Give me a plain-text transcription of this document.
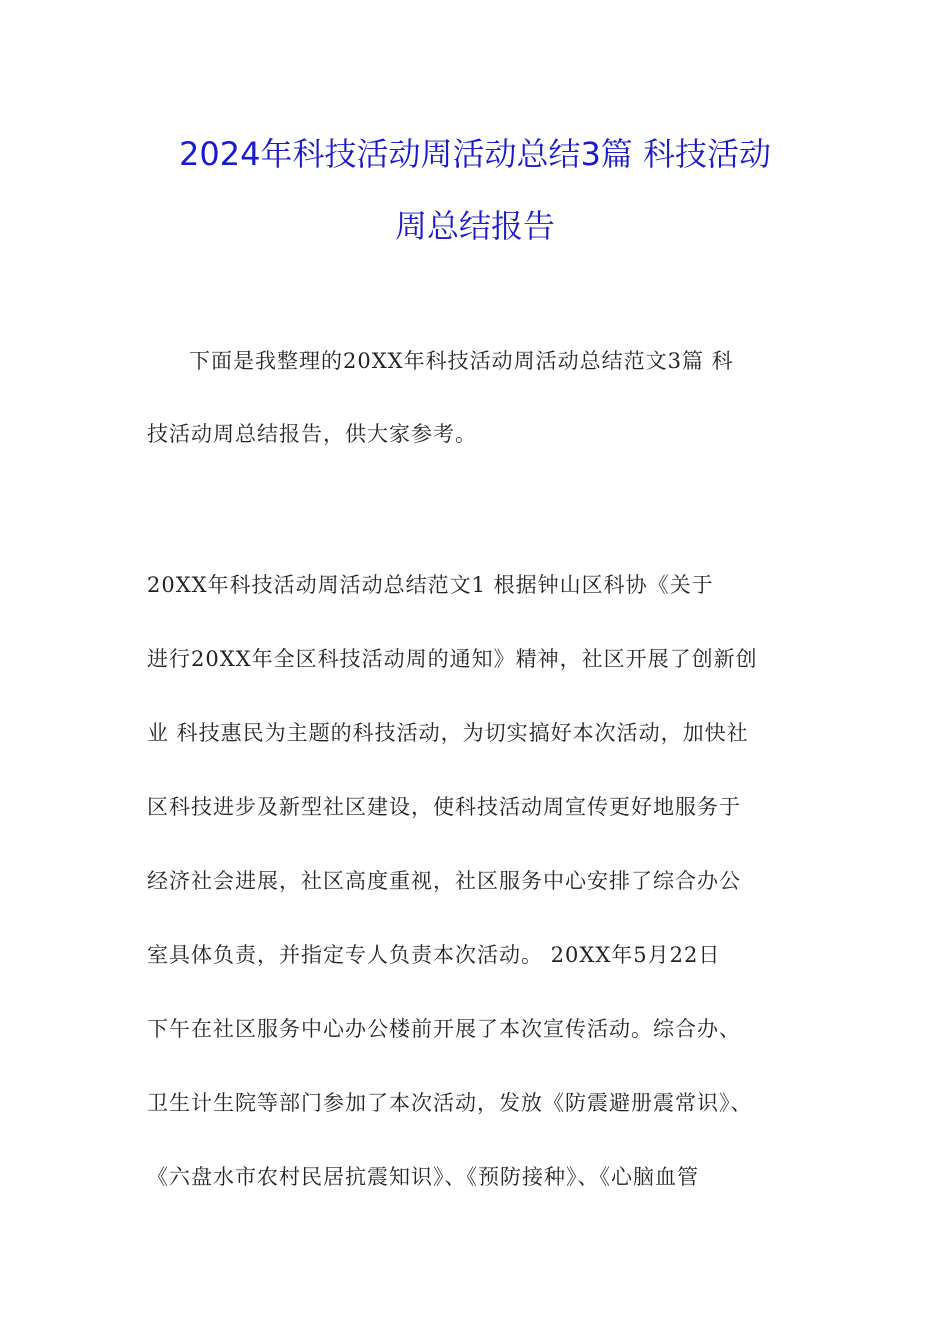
2024年科技活动周活动总结3篇 科技活动
周总结报告
下面是我整理的20XX年科技活动周活动总结范文3篇 科
技活动周总结报告，供大家参考。
20XX年科技活动周活动总结范文1 根据钟山区科协《关于
进行20XX年全区科技活动周的通知》精神，社区开展了创新创
业 科技惠民为主题的科技活动，为切实搞好本次活动，加快社
区科技进步及新型社区建设，使科技活动周宣传更好地服务于
经济社会进展，社区高度重视，社区服务中心安排了综合办公
室具体负责，并指定专人负责本次活动。 20XX年5月22日
下午在社区服务中心办公楼前开展了本次宣传活动。综合办、
卫生计生院等部门参加了本次活动，发放《防震避册震常识》、
《六盘水市农村民居抗震知识》、《预防接种》、《心脑血管
